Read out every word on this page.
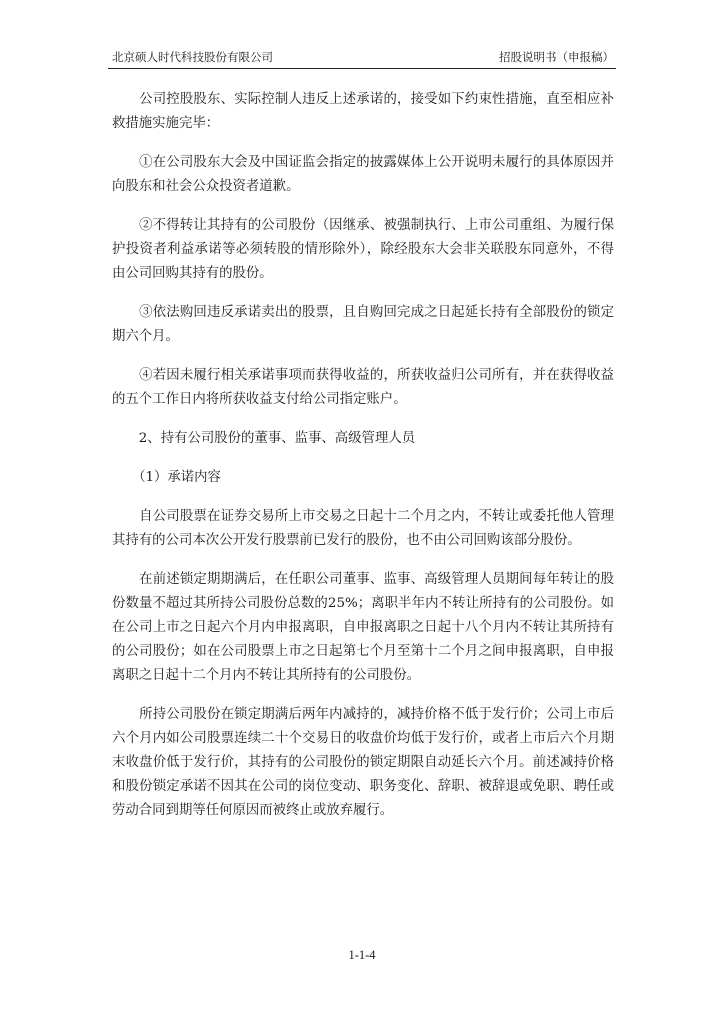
北京硕人时代科技股份有限公司	招股说明书（申报稿）

　　公司控股股东、实际控制人违反上述承诺的，接受如下约束性措施，直至相应补救措施实施完毕：

　　①在公司股东大会及中国证监会指定的披露媒体上公开说明未履行的具体原因并向股东和社会公众投资者道歉。

　　②不得转让其持有的公司股份（因继承、被强制执行、上市公司重组、为履行保护投资者利益承诺等必须转股的情形除外），除经股东大会非关联股东同意外，不得由公司回购其持有的股份。

　　③依法购回违反承诺卖出的股票，且自购回完成之日起延长持有全部股份的锁定期六个月。

　　④若因未履行相关承诺事项而获得收益的，所获收益归公司所有，并在获得收益的五个工作日内将所获收益支付给公司指定账户。

　　2、持有公司股份的董事、监事、高级管理人员

　　（1）承诺内容

　　自公司股票在证券交易所上市交易之日起十二个月之内，不转让或委托他人管理其持有的公司本次公开发行股票前已发行的股份，也不由公司回购该部分股份。

　　在前述锁定期期满后，在任职公司董事、监事、高级管理人员期间每年转让的股份数量不超过其所持公司股份总数的25%；离职半年内不转让所持有的公司股份。如在公司上市之日起六个月内申报离职，自申报离职之日起十八个月内不转让其所持有的公司股份；如在公司股票上市之日起第七个月至第十二个月之间申报离职，自申报离职之日起十二个月内不转让其所持有的公司股份。

　　所持公司股份在锁定期满后两年内减持的，减持价格不低于发行价；公司上市后六个月内如公司股票连续二十个交易日的收盘价均低于发行价，或者上市后六个月期末收盘价低于发行价，其持有的公司股份的锁定期限自动延长六个月。前述减持价格和股份锁定承诺不因其在公司的岗位变动、职务变化、辞职、被辞退或免职、聘任或劳动合同到期等任何原因而被终止或放弃履行。

1-1-4
